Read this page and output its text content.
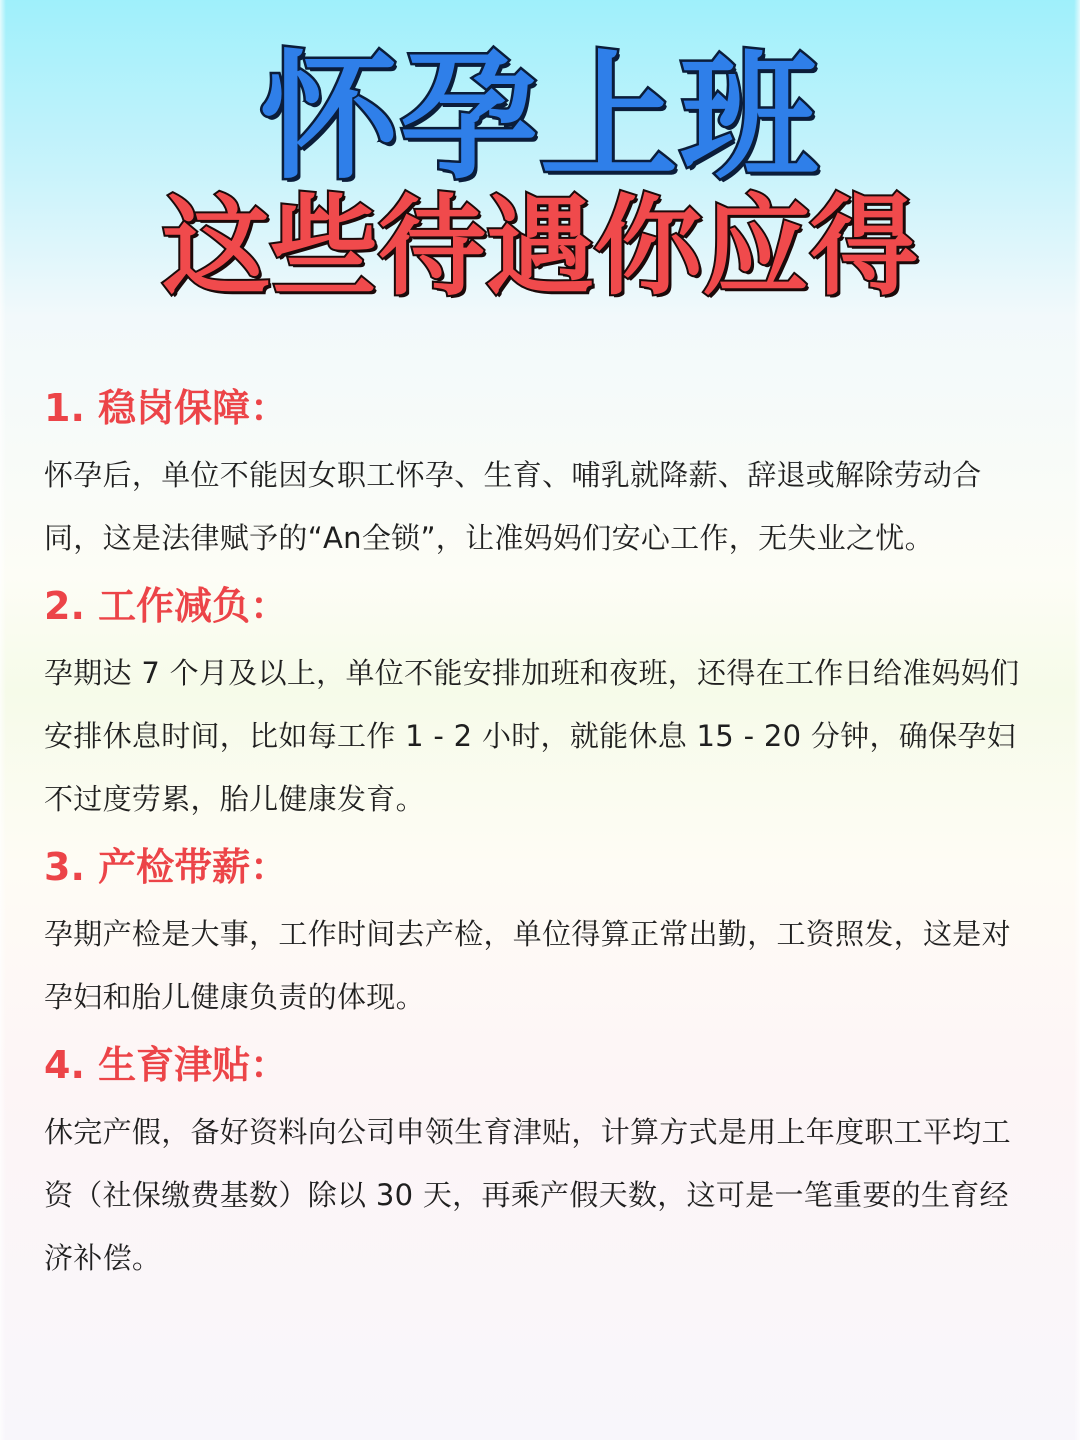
怀孕上班
这些待遇你应得
1. 稳岗保障：

怀孕后，单位不能因女职工怀孕、生育、哺乳就降薪、辞退或解除劳动合同，这是法律赋予的“An全锁”，让准妈妈们安心工作，无失业之忧。

2. 工作减负：

孕期达 7 个月及以上，单位不能安排加班和夜班，还得在工作日给准妈妈们安排休息时间，比如每工作 1 - 2 小时，就能休息 15 - 20 分钟，确保孕妇不过度劳累，胎儿健康发育。

3. 产检带薪：

孕期产检是大事，工作时间去产检，单位得算正常出勤，工资照发，这是对孕妇和胎儿健康负责的体现。

4. 生育津贴：

休完产假，备好资料向公司申领生育津贴，计算方式是用上年度职工平均工资（社保缴费基数）除以 30 天，再乘产假天数，这可是一笔重要的生育经济补偿。
